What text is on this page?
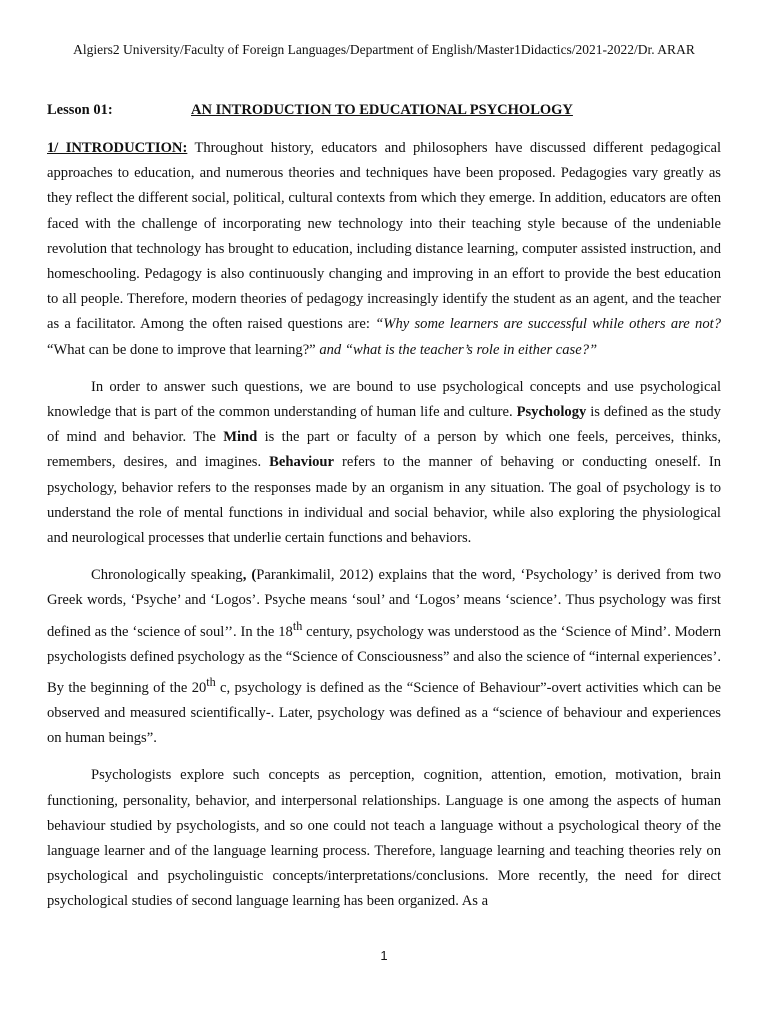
Algiers2 University/Faculty of Foreign Languages/Department of English/Master1Didactics/2021-2022/Dr. ARAR
Lesson 01:	AN INTRODUCTION TO EDUCATIONAL PSYCHOLOGY

1/ INTRODUCTION: Throughout history, educators and philosophers have discussed different pedagogical approaches to education, and numerous theories and techniques have been proposed. Pedagogies vary greatly as they reflect the different social, political, cultural contexts from which they emerge. In addition, educators are often faced with the challenge of incorporating new technology into their teaching style because of the undeniable revolution that technology has brought to education, including distance learning, computer assisted instruction, and homeschooling. Pedagogy is also continuously changing and improving in an effort to provide the best education to all people. Therefore, modern theories of pedagogy increasingly identify the student as an agent, and the teacher as a facilitator. Among the often raised questions are: “Why some learners are successful while others are not? “What can be done to improve that learning?” and “what is the teacher’s role in either case?”

In order to answer such questions, we are bound to use psychological concepts and use psychological knowledge that is part of the common understanding of human life and culture. Psychology is defined as the study of mind and behavior. The Mind is the part or faculty of a person by which one feels, perceives, thinks, remembers, desires, and imagines. Behaviour refers to the manner of behaving or conducting oneself. In psychology, behavior refers to the responses made by an organism in any situation. The goal of psychology is to understand the role of mental functions in individual and social behavior, while also exploring the physiological and neurological processes that underlie certain functions and behaviors.

Chronologically speaking, (Parankimalil, 2012) explains that the word, ‘Psychology’ is derived from two Greek words, ‘Psyche’ and ‘Logos’. Psyche means ‘soul’ and ‘Logos’ means ‘science’. Thus psychology was first defined as the ‘science of soul’’. In the 18th century, psychology was understood as the ‘Science of Mind’. Modern psychologists defined psychology as the “Science of Consciousness” and also the science of “internal experiences’. By the beginning of the 20th c, psychology is defined as the “Science of Behaviour”-overt activities which can be observed and measured scientifically-. Later, psychology was defined as a “science of behaviour and experiences on human beings”.

Psychologists explore such concepts as perception, cognition, attention, emotion, motivation, brain functioning, personality, behavior, and interpersonal relationships. Language is one among the aspects of human behaviour studied by psychologists, and so one could not teach a language without a psychological theory of the language learner and of the language learning process. Therefore, language learning and teaching theories rely on psychological and psycholinguistic concepts/interpretations/conclusions. More recently, the need for direct psychological studies of second language learning has been organized. As a

1
